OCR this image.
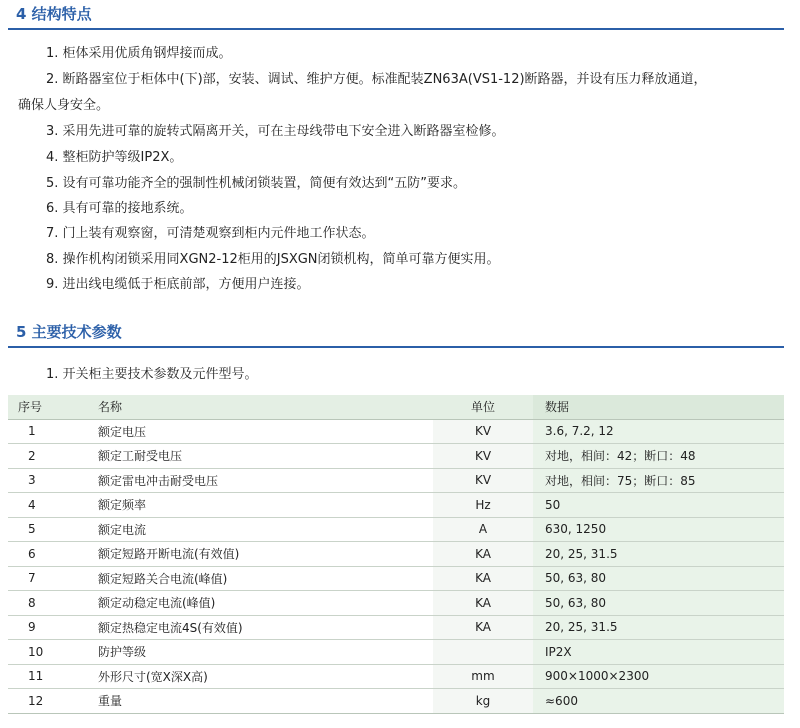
4 结构特点
1. 柜体采用优质角钢焊接而成。
2. 断路器室位于柜体中(下)部，安装、调试、维护方便。标准配装ZN63A(VS1-12)断路器，并设有压力释放通道，
确保人身安全。
3. 采用先进可靠的旋转式隔离开关，可在主母线带电下安全进入断路器室检修。
4. 整柜防护等级IP2X。
5. 设有可靠功能齐全的强制性机械闭锁装置，简便有效达到“五防”要求。
6. 具有可靠的接地系统。
7. 门上装有观察窗，可清楚观察到柜内元件地工作状态。
8. 操作机构闭锁采用同XGN2-12柜用的JSXGN闭锁机构，简单可靠方便实用。
9. 进出线电缆低于柜底前部，方便用户连接。
5 主要技术参数
1. 开关柜主要技术参数及元件型号。
序号	名称	单位	数据
1	额定电压	KV	3.6, 7.2, 12
2	额定工耐受电压	KV	对地，相间：42；断口：48
3	额定雷电冲击耐受电压	KV	对地，相间：75；断口：85
4	额定频率	Hz	50
5	额定电流	A	630, 1250
6	额定短路开断电流(有效值)	KA	20, 25, 31.5
7	额定短路关合电流(峰值)	KA	50, 63, 80
8	额定动稳定电流(峰值)	KA	50, 63, 80
9	额定热稳定电流4S(有效值)	KA	20, 25, 31.5
10	防护等级		IP2X
11	外形尺寸(宽X深X高)	mm	900×1000×2300
12	重量	kg	≈600
